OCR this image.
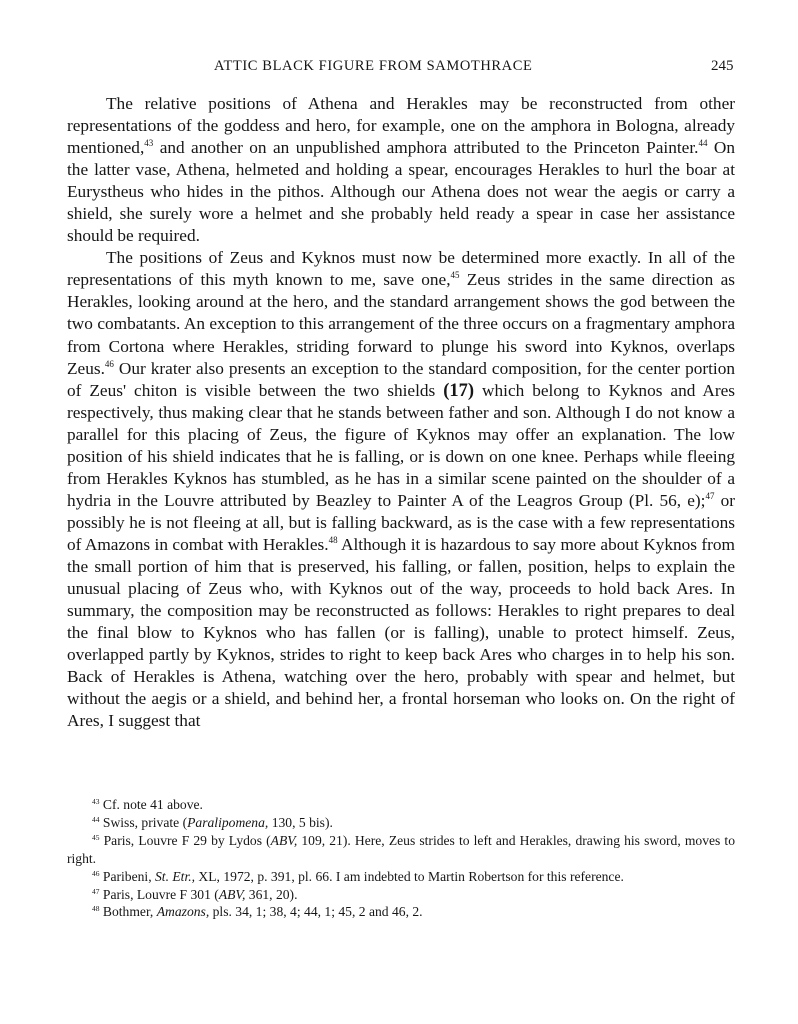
ATTIC BLACK FIGURE FROM SAMOTHRACE	245

The relative positions of Athena and Herakles may be reconstructed from other representations of the goddess and hero, for example, one on the amphora in Bologna, already mentioned,$^{43}$ and another on an unpublished amphora attributed to the Princeton Painter.$^{44}$ On the latter vase, Athena, helmeted and holding a spear, encourages Herakles to hurl the boar at Eurystheus who hides in the pithos. Although our Athena does not wear the aegis or carry a shield, she surely wore a helmet and she probably held ready a spear in case her assistance should be required.

The positions of Zeus and Kyknos must now be determined more exactly. In all of the representations of this myth known to me, save one,$^{45}$ Zeus strides in the same direction as Herakles, looking around at the hero, and the standard arrangement shows the god between the two combatants. An exception to this arrangement of the three occurs on a fragmentary amphora from Cortona where Herakles, striding forward to plunge his sword into Kyknos, overlaps Zeus.$^{46}$ Our krater also presents an exception to the standard composition, for the center portion of Zeus' chiton is visible between the two shields (17) which belong to Kyknos and Ares respectively, thus making clear that he stands between father and son. Although I do not know a parallel for this placing of Zeus, the figure of Kyknos may offer an explanation. The low position of his shield indicates that he is falling, or is down on one knee. Perhaps while fleeing from Herakles Kyknos has stumbled, as he has in a similar scene painted on the shoulder of a hydria in the Louvre attributed by Beazley to Painter A of the Leagros Group (Pl. 56, e);$^{47}$ or possibly he is not fleeing at all, but is falling backward, as is the case with a few representations of Amazons in combat with Herakles.$^{48}$ Although it is hazardous to say more about Kyknos from the small portion of him that is preserved, his falling, or fallen, position, helps to explain the unusual placing of Zeus who, with Kyknos out of the way, proceeds to hold back Ares. In summary, the composition may be reconstructed as follows: Herakles to right prepares to deal the final blow to Kyknos who has fallen (or is falling), unable to protect himself. Zeus, overlapped partly by Kyknos, strides to right to keep back Ares who charges in to help his son. Back of Herakles is Athena, watching over the hero, probably with spear and helmet, but without the aegis or a shield, and behind her, a frontal horseman who looks on. On the right of Ares, I suggest that

$^{43}$ Cf. note 41 above.

$^{44}$ Swiss, private (Paralipomena, 130, 5 bis).

$^{45}$ Paris, Louvre F 29 by Lydos (ABV, 109, 21). Here, Zeus strides to left and Herakles, drawing his sword, moves to right.

$^{46}$ Paribeni, St. Etr., XL, 1972, p. 391, pl. 66. I am indebted to Martin Robertson for this reference.

$^{47}$ Paris, Louvre F 301 (ABV, 361, 20).

$^{48}$ Bothmer, Amazons, pls. 34, 1; 38, 4; 44, 1; 45, 2 and 46, 2.
